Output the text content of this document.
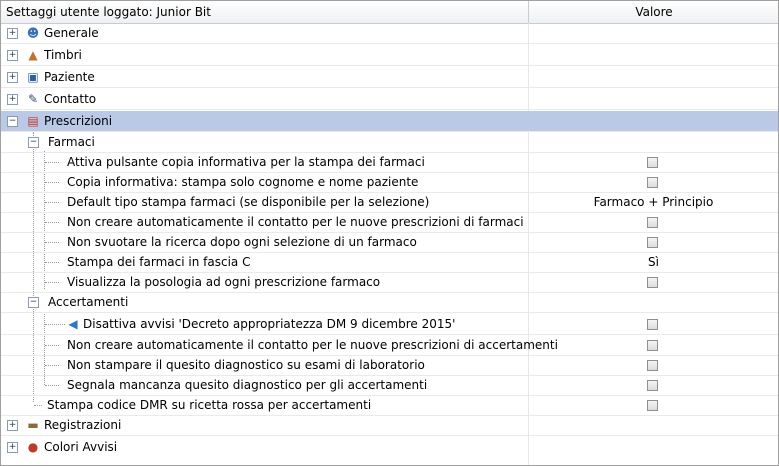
Settaggi utente loggato: Junior Bit	Valore
+ ☻ Generale
+ ▲ Timbri
+ ▣ Paziente
+ ✎ Contatto
− ▤ Prescrizioni
− Farmaci
Attiva pulsante copia informativa per la stampa dei farmaci
Copia informativa: stampa solo cognome e nome paziente
Default tipo stampa farmaci (se disponibile per la selezione)	Farmaco + Principio
Non creare automaticamente il contatto per le nuove prescrizioni di farmaci
Non svuotare la ricerca dopo ogni selezione di un farmaco
Stampa dei farmaci in fascia C	Sì
Visualizza la posologia ad ogni prescrizione farmaco
− Accertamenti
◀ Disattiva avvisi 'Decreto appropriatezza DM 9 dicembre 2015'
Non creare automaticamente il contatto per le nuove prescrizioni di accertamenti
Non stampare il quesito diagnostico su esami di laboratorio
Segnala mancanza quesito diagnostico per gli accertamenti
Stampa codice DMR su ricetta rossa per accertamenti
+ ▬ Registrazioni
+ ● Colori Avvisi
